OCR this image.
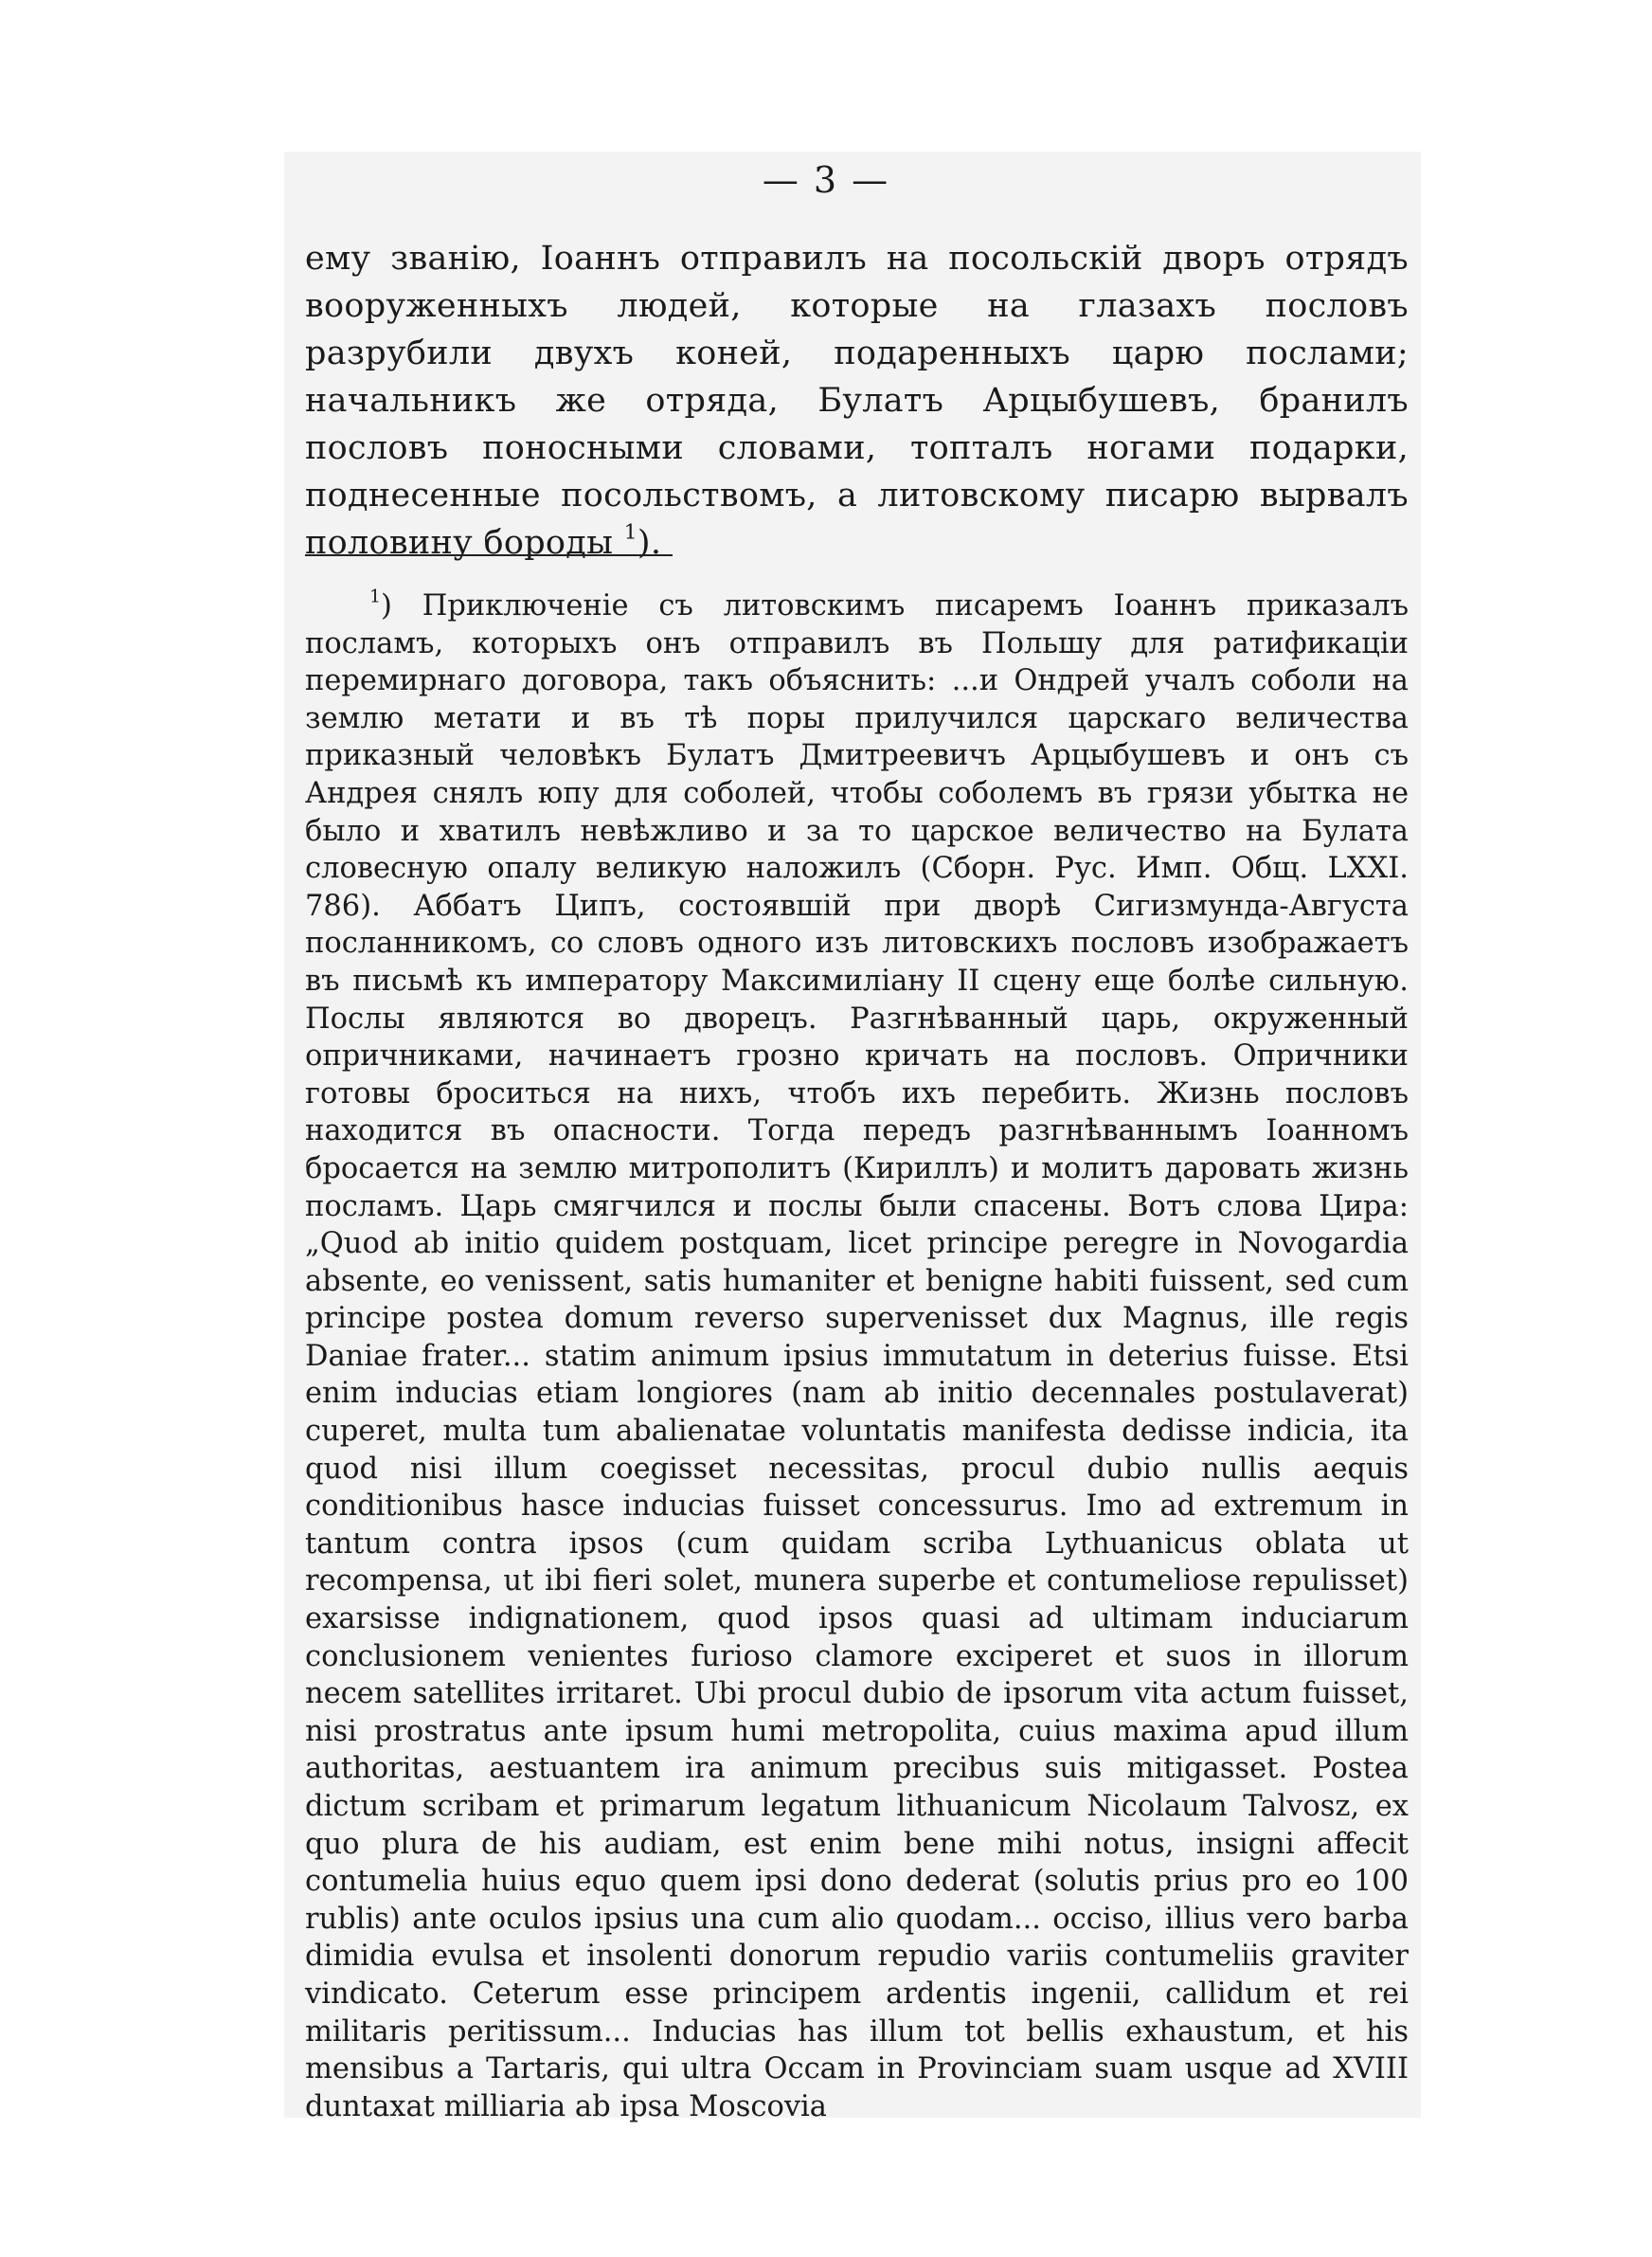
— 3 —
ему званію, Іоаннъ отправилъ на посольскій дворъ отрядъ вооруженныхъ людей, которые на глазахъ пословъ разрубили двухъ коней, подаренныхъ царю послами; начальникъ же отряда, Булатъ Арцыбушевъ, бранилъ пословъ поносными словами, топталъ ногами подарки, поднесенные посольствомъ, а литовскому писарю вырвалъ половину бороды $^1$).
$^1$) Приключеніе съ литовскимъ писаремъ Іоаннъ приказалъ посламъ, которыхъ онъ отправилъ въ Польшу для ратификаціи перемирнаго договора, такъ объяснить: ...и Ондрей учалъ соболи на землю метати и въ тѣ поры прилучился царскаго величества приказный человѣкъ Булатъ Дмитреевичъ Арцыбушевъ и онъ съ Андрея снялъ юпу для соболей, чтобы соболемъ въ грязи убытка не было и хватилъ невѣжливо и за то царское величество на Булата словесную опалу великую наложилъ (Сборн. Рус. Имп. Общ. LXXI. 786). Аббатъ Ципъ, состоявшій при дворѣ Сигизмунда-Августа посланникомъ, со словъ одного изъ литовскихъ пословъ изображаетъ въ письмѣ къ императору Максимиліану II сцену еще болѣе сильную. Послы являются во дворецъ. Разгнѣванный царь, окруженный опричниками, начинаетъ грозно кричать на пословъ. Опричники готовы броситься на нихъ, чтобъ ихъ перебить. Жизнь пословъ находится въ опасности. Тогда передъ разгнѣваннымъ Іоанномъ бросается на землю митрополитъ (Кириллъ) и молитъ даровать жизнь посламъ. Царь смягчился и послы были спасены. Вотъ слова Цира: „Quod ab initio quidem postquam, licet principe peregre in Novogardia absente, eo venissent, satis humaniter et benigne habiti fuissent, sed cum principe postea domum reverso supervenisset dux Magnus, ille regis Daniae frater... statim animum ipsius immutatum in deterius fuisse. Etsi enim inducias etiam longiores (nam ab initio decennales postulaverat) cuperet, multa tum abalienatae voluntatis manifesta dedisse indicia, ita quod nisi illum coegisset necessitas, procul dubio nullis aequis conditionibus hasce inducias fuisset concessurus. Imo ad extremum in tantum contra ipsos (cum quidam scriba Lythuanicus oblata ut recompensa, ut ibi fieri solet, munera superbe et contumeliose repulisset) exarsisse indignationem, quod ipsos quasi ad ultimam induciarum conclusionem venientes furioso clamore exciperet et suos in illorum necem satellites irritaret. Ubi procul dubio de ipsorum vita actum fuisset, nisi prostratus ante ipsum humi metropolita, cuius maxima apud illum authoritas, aestuantem ira animum precibus suis mitigasset. Postea dictum scribam et primarum legatum lithuanicum Nicolaum Talvosz, ex quo plura de his audiam, est enim bene mihi notus, insigni affecit contumelia huius equo quem ipsi dono dederat (solutis prius pro eo 100 rublis) ante oculos ipsius una cum alio quodam... occiso, illius vero barba dimidia evulsa et insolenti donorum repudio variis contumeliis graviter vindicato. Ceterum esse principem ardentis ingenii, callidum et rei militaris peritissum... Inducias has illum tot bellis exhaustum, et his mensibus a Tartaris, qui ultra Occam in Provinciam suam usque ad XVIII duntaxat milliaria ab ipsa Moscovia
